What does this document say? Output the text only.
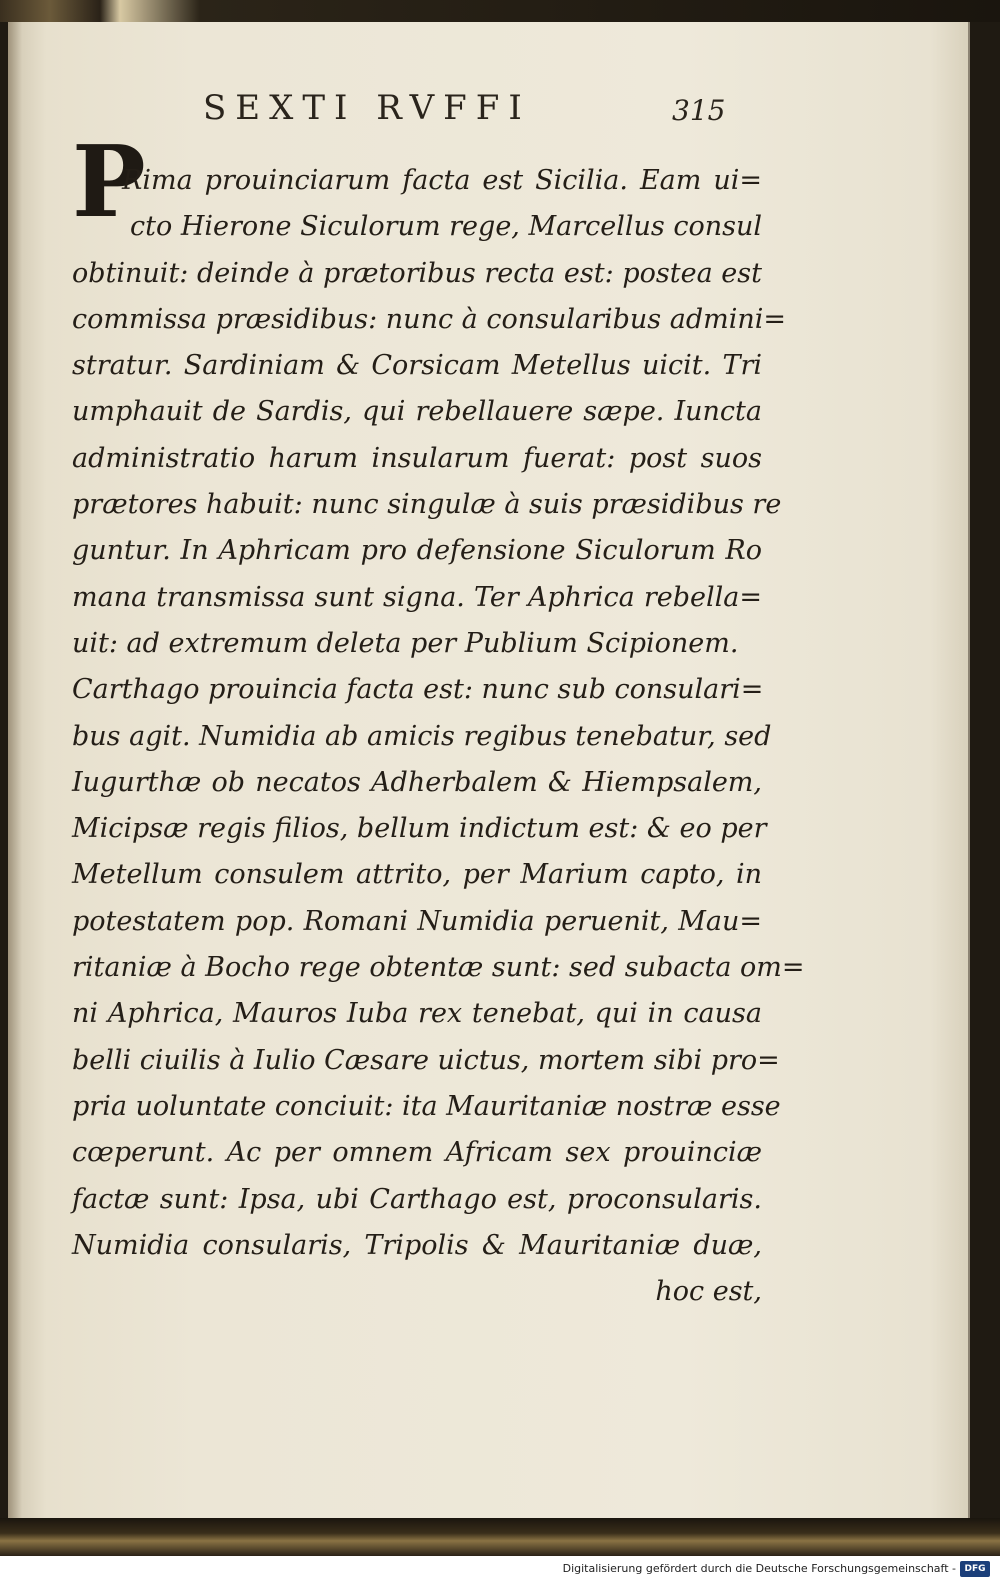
SEXTI RVFFI	315
P
Rima prouinciarum facta est Sicilia. Eam ui=
cto Hierone Siculorum rege, Marcellus consul
obtinuit: deinde à prætoribus recta est: postea est
commissa præsidibus: nunc à consularibus admini=
stratur. Sardiniam & Corsicam Metellus uicit. Tri
umphauit de Sardis, qui rebellauere sæpe. Iuncta
administratio harum insularum fuerat: post suos
prætores habuit: nunc singulæ à suis præsidibus re
guntur. In Aphricam pro defensione Siculorum Ro
mana transmissa sunt signa. Ter Aphrica rebella=
uit: ad extremum deleta per Publium Scipionem.
Carthago prouincia facta est: nunc sub consulari=
bus agit. Numidia ab amicis regibus tenebatur, sed
Iugurthæ ob necatos Adherbalem & Hiempsalem,
Micipsæ regis filios, bellum indictum est: & eo per
Metellum consulem attrito, per Marium capto, in
potestatem pop. Romani Numidia peruenit, Mau=
ritaniæ à Bocho rege obtentæ sunt: sed subacta om=
ni Aphrica, Mauros Iuba rex tenebat, qui in causa
belli ciuilis à Iulio Cæsare uictus, mortem sibi pro=
pria uoluntate conciuit: ita Mauritaniæ nostræ esse
cœperunt. Ac per omnem Africam sex prouinciæ
factæ sunt: Ipsa, ubi Carthago est, proconsularis.
Numidia consularis, Tripolis & Mauritaniæ duæ,
hoc est,
Digitalisierung gefördert durch die Deutsche Forschungsgemeinschaft - DFG
